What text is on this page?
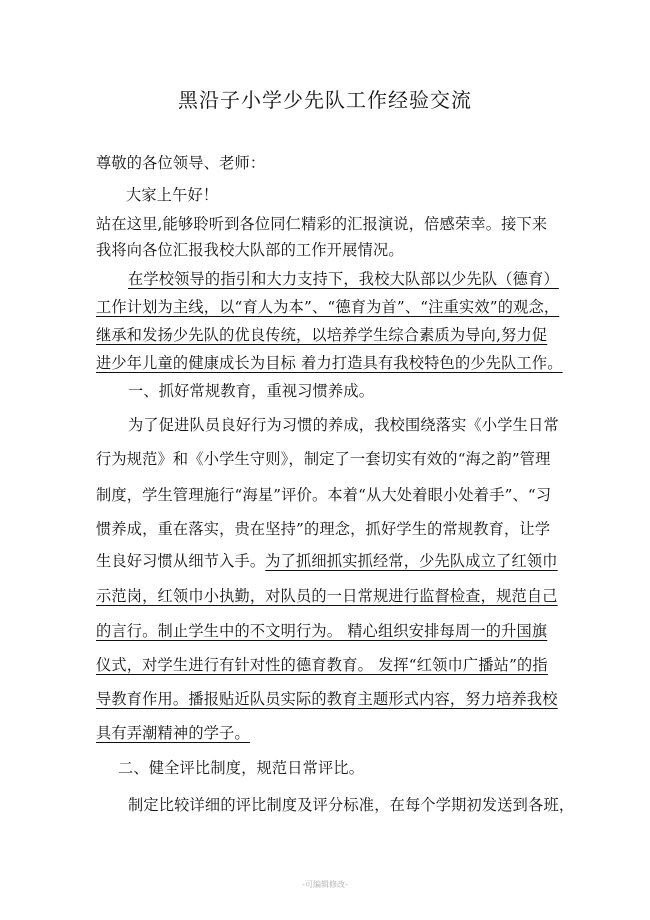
黑沿子小学少先队工作经验交流
尊敬的各位领导、老师：
大家上午好！
站在这里,能够聆听到各位同仁精彩的汇报演说，倍感荣幸。接下来
我将向各位汇报我校大队部的工作开展情况。
在学校领导的指引和大力支持下，我校大队部以少先队（德育）
工作计划为主线，以“育人为本”、“德育为首”、“注重实效”的观念，
继承和发扬少先队的优良传统，以培养学生综合素质为导向,努力促
进少年儿童的健康成长为目标 着力打造具有我校特色的少先队工作。
一、抓好常规教育，重视习惯养成。
为了促进队员良好行为习惯的养成，我校围绕落实《小学生日常
行为规范》和《小学生守则》，制定了一套切实有效的“海之韵”管理
制度，学生管理施行“海星”评价。本着“从大处着眼小处着手”、“习
惯养成，重在落实，贵在坚持”的理念，抓好学生的常规教育，让学
生良好习惯从细节入手。为了抓细抓实抓经常，少先队成立了红领巾
示范岗，红领巾小执勤，对队员的一日常规进行监督检查，规范自己
的言行。制止学生中的不文明行为。 精心组织安排每周一的升国旗
仪式，对学生进行有针对性的德育教育。 发挥“红领巾广播站”的指
导教育作用。播报贴近队员实际的教育主题形式内容，努力培养我校
具有弄潮精神的学子。
二、健全评比制度，规范日常评比。
制定比较详细的评比制度及评分标准，在每个学期初发送到各班，
-可编辑修改-
